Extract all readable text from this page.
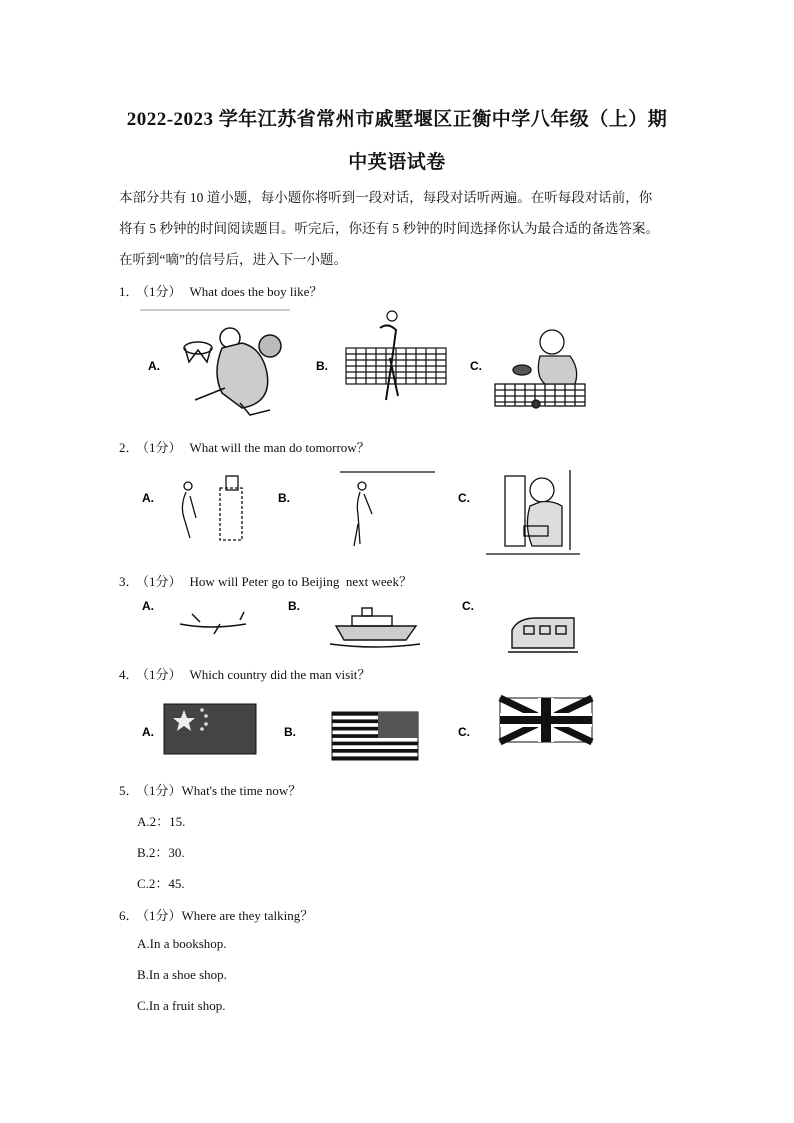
2022-2023 学年江苏省常州市戚墅堰区正衡中学八年级（上）期
中英语试卷
本部分共有 10 道小题，每小题你将听到一段对话，每段对话听两遍。在听每段对话前，你
将有 5 秒钟的时间阅读题目。听完后，你还有 5 秒钟的时间选择你认为最合适的备选答案。
在听到“嘀”的信号后，进入下一小题。
1． （1分） What does the boy like？
A.	B.	C.
2． （1分） What will the man do tomorrow？
A.	B.	C.
3． （1分） How will Peter go to Beijing  next week？
A.	B.	C.
4． （1分） Which country did the man visit？
A.	B.	C.
5． （1分）What's the time now？
A.2：15.
B.2：30.
C.2：45.
6． （1分）Where are they talking？
A.In a bookshop.
B.In a shoe shop.
C.In a fruit shop.
